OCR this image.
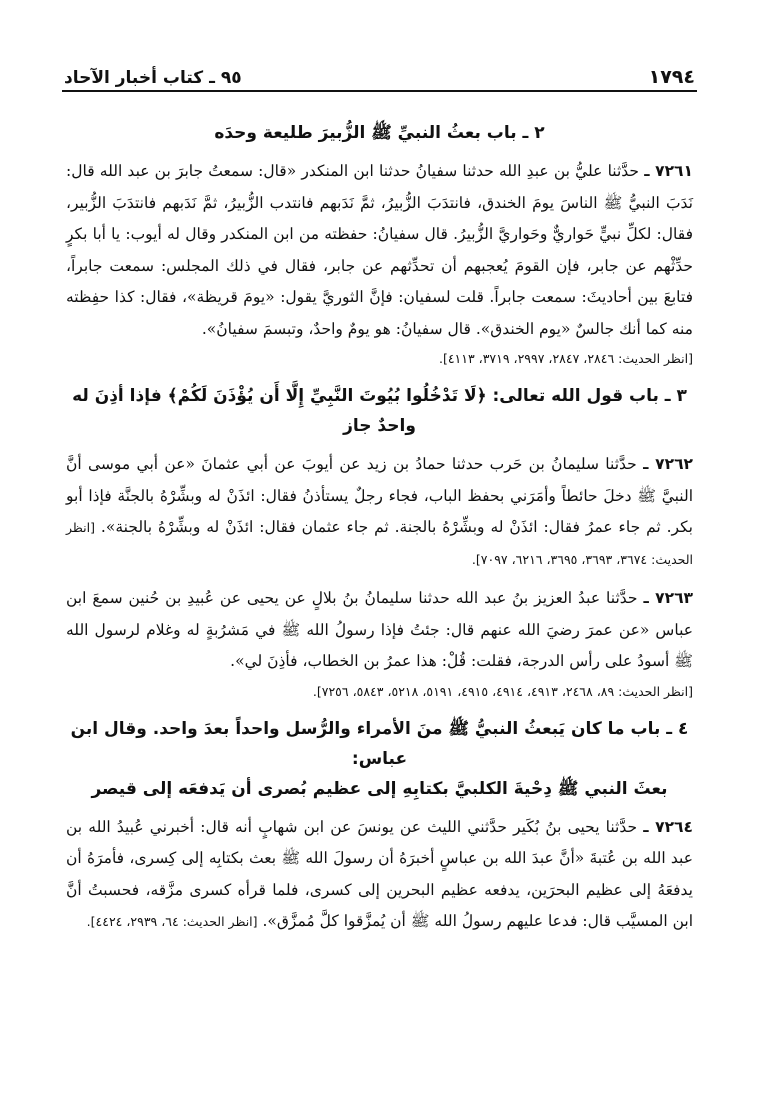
١٧٩٤
٩٥ ـ كتاب أخبار الآحاد
٢ ـ باب بعثُ النبيِّ ﷺ الزُّبيرَ طليعة وحدَه

٧٢٦١ ـ حدَّثنا عليُّ بن عبدِ الله حدثنا سفيانُ حدثنا ابن المنكدر «قال: سمعتُ جابرَ بن عبد الله قال: نَدَبَ النبيُّ ﷺ الناسَ يومَ الخندق، فانتدَبَ الزُّبيرُ، ثمَّ نَدَبهم فانتدب الزُّبيرُ، ثمَّ نَدَبهم فانتدَبَ الزُّبير، فقال: لكلِّ نبيٍّ حَواريٌّ وحَواريَّ الزُّبيرُ. قال سفيانُ: حفظته من ابن المنكدر وقال له أيوب: يا أبا بكرٍ حدِّثْهم عن جابر، فإن القومَ يُعجبهم أن تحدِّثهم عن جابر، فقال في ذلك المجلس: سمعت جابراً، فتابعَ بين أحاديثَ: سمعت جابراً. قلت لسفيان: فإنَّ الثوريَّ يقول: «يومَ قريظة»، فقال: كذا حفِظته منه كما أنك جالسٌ «يوم الخندق». قال سفيانُ: هو يومٌ واحدٌ، وتبسمَ سفيانُ».

[انظر الحديث: ٢٨٤٦، ٢٨٤٧، ٢٩٩٧، ٣٧١٩، ٤١١٣].
٣ ـ باب قول الله تعالى: ﴿لَا تَدْخُلُوا بُيُوتَ النَّبِيِّ إِلَّا أَن يُؤْذَنَ لَكُمْ﴾ فإذا أذِنَ له واحدٌ جاز

٧٢٦٢ ـ حدَّثنا سليمانُ بن حَرب حدثنا حمادُ بن زيد عن أيوبَ عن أبي عثمانَ «عن أبي موسى أنَّ النبيَّ ﷺ دخلَ حائطاً وأمَرَني بحفظ الباب، فجاء رجلٌ يستأذنُ فقال: ائذَنْ له وبشِّرْهُ بالجنَّة فإذا أبو بكر. ثم جاء عمرُ فقال: ائذَنْ له وبشِّرْهُ بالجنة. ثم جاء عثمان فقال: ائذَنْ له وبشِّرْهُ بالجنة». [انظر الحديث: ٣٦٧٤، ٣٦٩٣، ٣٦٩٥، ٦٢١٦، ٧٠٩٧].

٧٢٦٣ ـ حدَّثنا عبدُ العزيز بنُ عبد الله حدثنا سليمانُ بنُ بلالٍ عن يحيى عن عُبيدِ بن حُنين سمعَ ابن عباس «عن عمرَ رضيَ الله عنهم قال: جئتُ فإذا رسولُ الله ﷺ في مَشرُبةٍ له وغلام لرسول الله ﷺ أسودُ على رأس الدرجة، فقلت: قُلْ: هذا عمرُ بن الخطاب، فأذِنَ لي».

[انظر الحديث: ٨٩، ٢٤٦٨، ٤٩١٣، ٤٩١٤، ٤٩١٥، ٥١٩١، ٥٢١٨، ٥٨٤٣، ٧٢٥٦].
٤ ـ باب ما كان يَبعثُ النبيُّ ﷺ منَ الأمراء والرُّسل واحداً بعدَ واحد. وقال ابن عباس:
بعثَ النبي ﷺ دِحْيةَ الكلبيَّ بكتابِهِ إلى عظيم بُصرى أن يَدفعَه إلى قيصر

٧٢٦٤ ـ حدَّثنا يحيى بنُ بُكَير حدَّثني الليث عن يونسَ عن ابن شهابٍ أنه قال: أخبرني عُبيدُ الله بن عبد الله بن عُتبةَ «أنَّ عبدَ الله بن عباسٍ أخبرَهُ أن رسولَ الله ﷺ بعث بكتابِه إلى كِسرى، فأمرَهُ أن يدفعَهُ إلى عظيم البحرَين، يدفعه عظيم البحرين إلى كسرى، فلما قرأه كسرى مزَّقه، فحسبتُ أنَّ ابن المسيَّب قال: فدعا عليهم رسولُ الله ﷺ أن يُمزَّقوا كلَّ مُمزَّق». [انظر الحديث: ٦٤، ٢٩٣٩، ٤٤٢٤].
